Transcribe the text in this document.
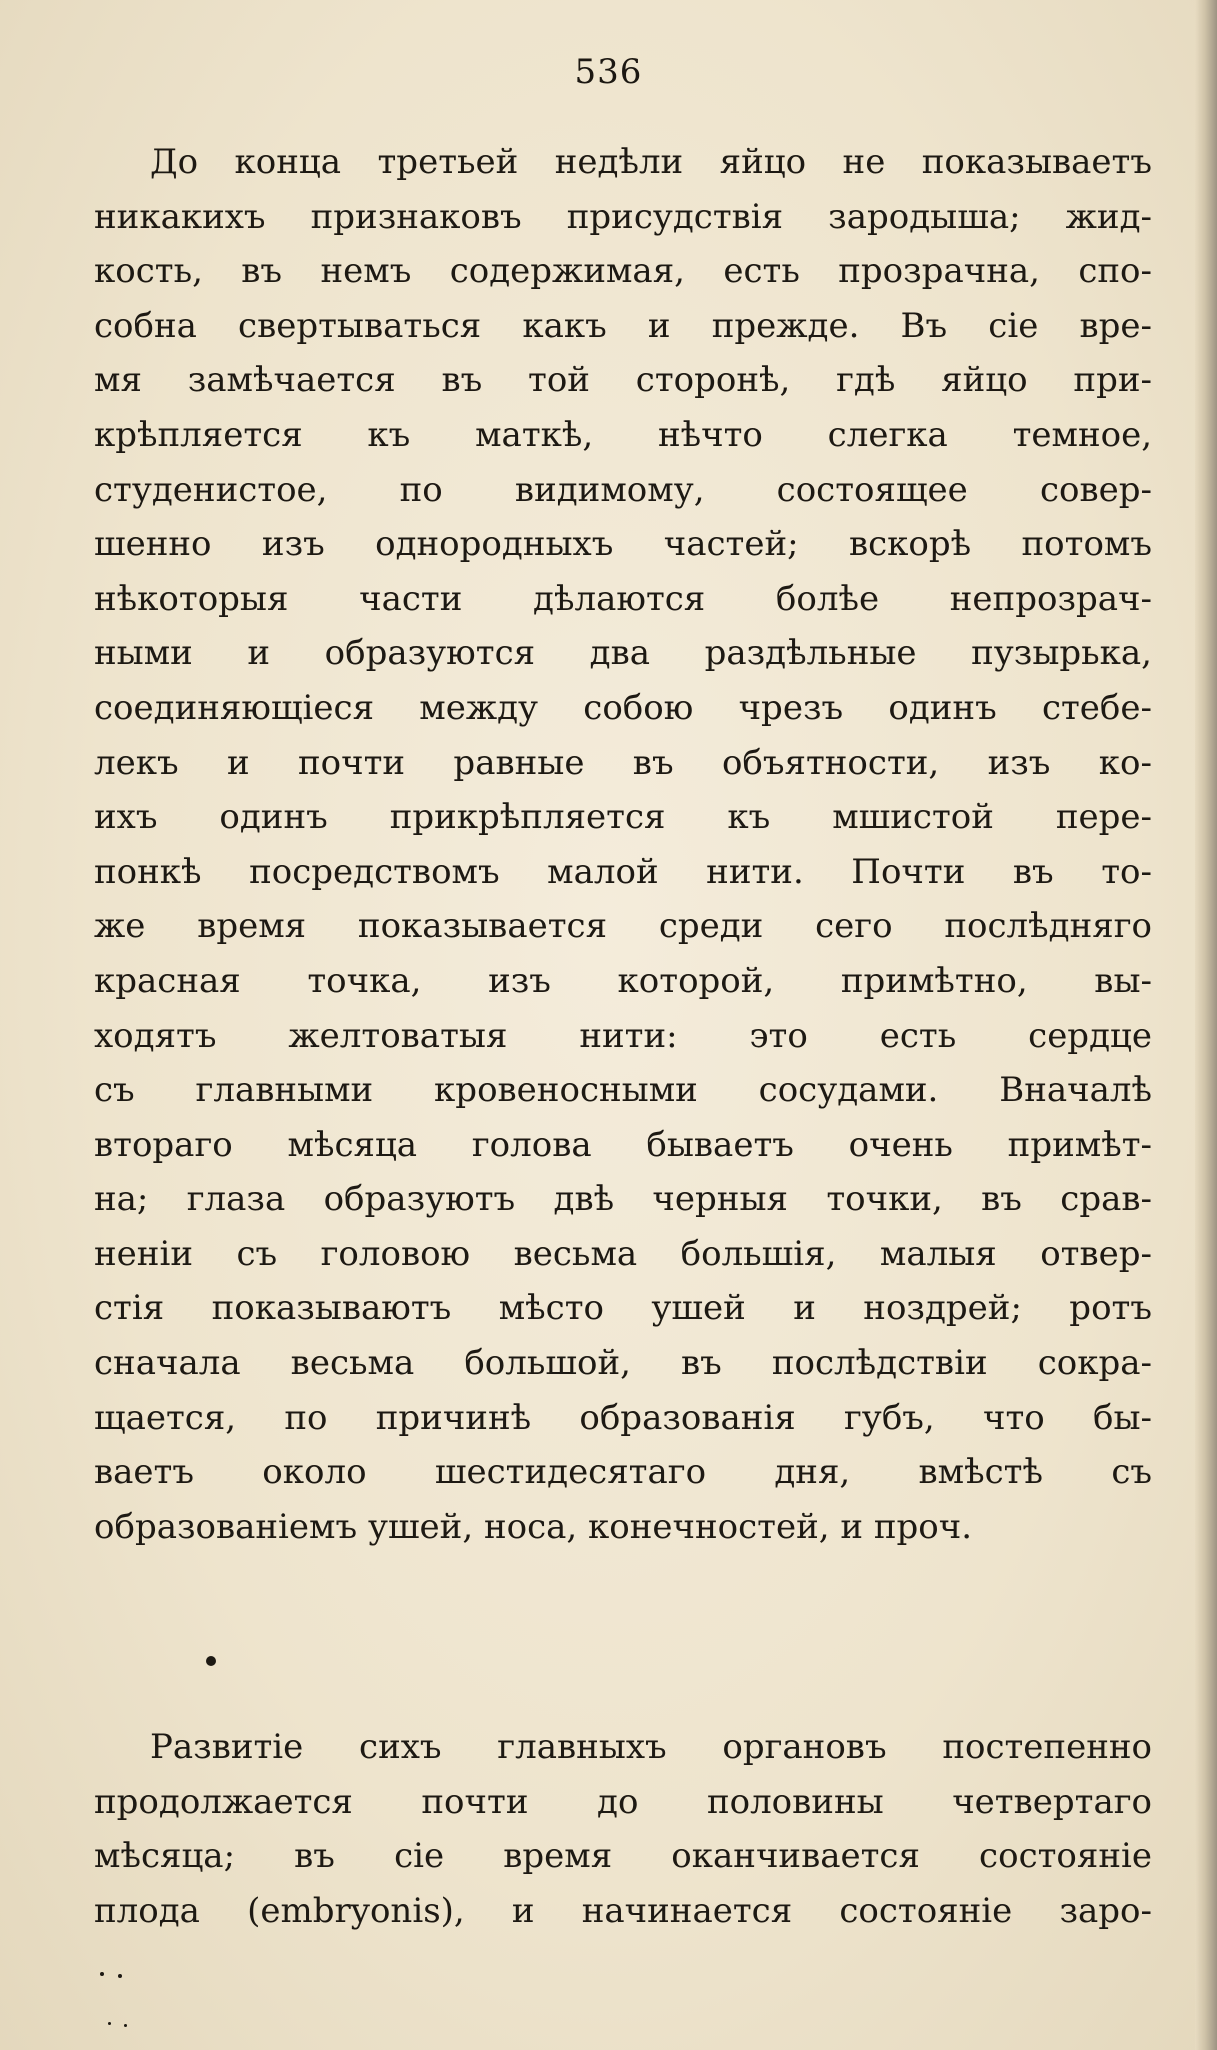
536
До конца третьей недѣли яйцо не показываетъ
никакихъ признаковъ присудствія зародыша; жид-
кость, въ немъ содержимая, есть прозрачна, спо-
собна свертываться какъ и прежде. Въ сіе вре-
мя замѣчается въ той сторонѣ, гдѣ яйцо при-
крѣпляется къ маткѣ, нѣчто слегка темное,
студенистое, по видимому, состоящее совер-
шенно изъ однородныхъ частей; вскорѣ потомъ
нѣкоторыя части дѣлаются болѣе непрозрач-
ными и образуются два раздѣльные пузырька,
соединяющіеся между собою чрезъ одинъ стебе-
лекъ и почти равные въ объятности, изъ ко-
ихъ одинъ прикрѣпляется къ мшистой пере-
понкѣ посредствомъ малой нити. Почти въ то-
же время показывается среди сего послѣдняго
красная точка, изъ которой, примѣтно, вы-
ходятъ желтоватыя нити: это есть сердце
съ главными кровеносными сосудами. Вначалѣ
втораго мѣсяца голова бываетъ очень примѣт-
на; глаза образуютъ двѣ черныя точки, въ срав-
неніи съ головою весьма большія, малыя отвер-
стія показываютъ мѣсто ушей и ноздрей; ротъ
сначала весьма большой, въ послѣдствіи сокра-
щается, по причинѣ образованія губъ, что бы-
ваетъ около шестидесятаго дня, вмѣстѣ съ
образованіемъ ушей, носа, конечностей, и проч.
Развитіе сихъ главныхъ органовъ постепенно
продолжается почти до половины четвертаго
мѣсяца; въ сіе время оканчивается состояніе
плода (embryonis), и начинается состояніе заро-
